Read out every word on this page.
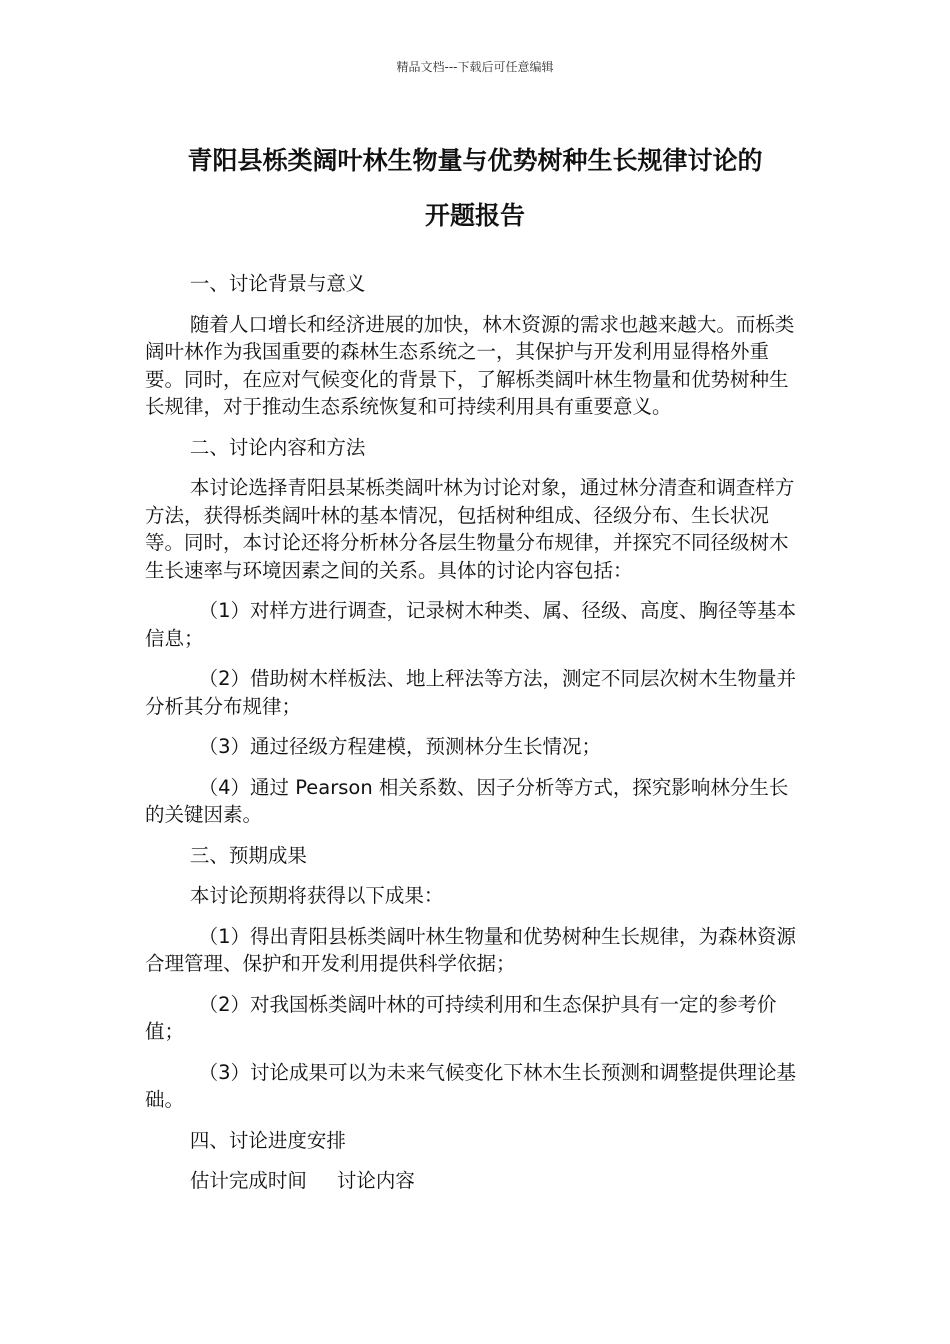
精品文档---下载后可任意编辑
青阳县栎类阔叶林生物量与优势树种生长规律讨论的
开题报告

一、讨论背景与意义

随着人口增长和经济进展的加快，林木资源的需求也越来越大。而栎类阔叶林作为我国重要的森林生态系统之一，其保护与开发利用显得格外重要。同时，在应对气候变化的背景下，了解栎类阔叶林生物量和优势树种生长规律，对于推动生态系统恢复和可持续利用具有重要意义。

二、讨论内容和方法

本讨论选择青阳县某栎类阔叶林为讨论对象，通过林分清查和调查样方方法，获得栎类阔叶林的基本情况，包括树种组成、径级分布、生长状况等。同时，本讨论还将分析林分各层生物量分布规律，并探究不同径级树木生长速率与环境因素之间的关系。具体的讨论内容包括：

（1）对样方进行调查，记录树木种类、属、径级、高度、胸径等基本信息；

（2）借助树木样板法、地上秤法等方法，测定不同层次树木生物量并分析其分布规律；

（3）通过径级方程建模，预测林分生长情况；

（4）通过 Pearson 相关系数、因子分析等方式，探究影响林分生长的关键因素。

三、预期成果

本讨论预期将获得以下成果：

（1）得出青阳县栎类阔叶林生物量和优势树种生长规律，为森林资源合理管理、保护和开发利用提供科学依据；

（2）对我国栎类阔叶林的可持续利用和生态保护具有一定的参考价值；

（3）讨论成果可以为未来气候变化下林木生长预测和调整提供理论基础。

四、讨论进度安排

估计完成时间 讨论内容
